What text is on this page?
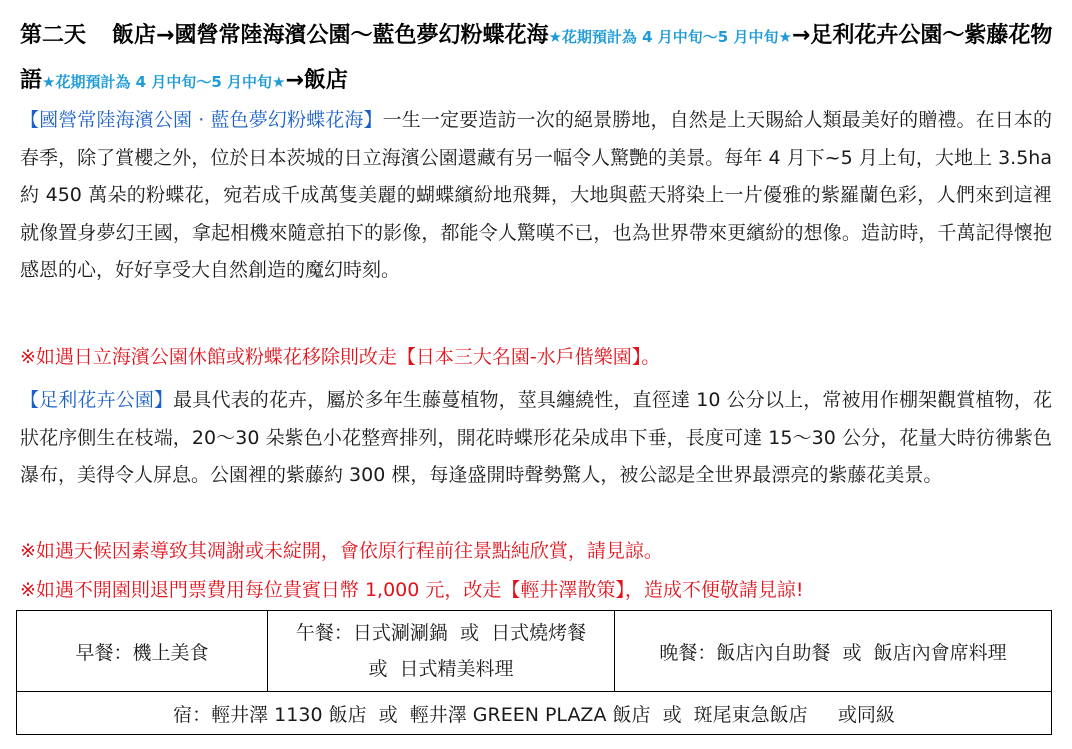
第二天 飯店→國營常陸海濱公園～藍色夢幻粉蝶花海★花期預計為 4 月中旬～5 月中旬★→足利花卉公園～紫藤花物語★花期預計為 4 月中旬～5 月中旬★→飯店
【國營常陸海濱公園 · 藍色夢幻粉蝶花海】一生一定要造訪一次的絕景勝地，自然是上天賜給人類最美好的贈禮。在日本的春季，除了賞櫻之外，位於日本茨城的日立海濱公園還藏有另一幅令人驚艷的美景。每年 4 月下~5 月上旬，大地上 3.5ha 約 450 萬朵的粉蝶花，宛若成千成萬隻美麗的蝴蝶繽紛地飛舞，大地與藍天將染上一片優雅的紫羅蘭色彩，人們來到這裡就像置身夢幻王國，拿起相機來隨意拍下的影像，都能令人驚嘆不已，也為世界帶來更繽紛的想像。造訪時，千萬記得懷抱感恩的心，好好享受大自然創造的魔幻時刻。
※如遇日立海濱公園休館或粉蝶花移除則改走【日本三大名園-水戶偕樂園】。
【足利花卉公園】最具代表的花卉，屬於多年生藤蔓植物，莖具纏繞性，直徑達 10 公分以上，常被用作棚架觀賞植物，花狀花序側生在枝端，20～30 朵紫色小花整齊排列，開花時蝶形花朵成串下垂，長度可達 15～30 公分，花量大時彷彿紫色瀑布，美得令人屏息。公園裡的紫藤約 300 棵，每逢盛開時聲勢驚人，被公認是全世界最漂亮的紫藤花美景。
※如遇天候因素導致其凋謝或未綻開，會依原行程前往景點純欣賞，請見諒。
※如遇不開園則退門票費用每位貴賓日幣 1,000 元，改走【輕井澤散策】，造成不便敬請見諒!
早餐：機上美食	
午餐：日式涮涮鍋  或  日式燒烤餐
或  日式精美料理
	晚餐：飯店內自助餐  或  飯店內會席料理
宿：輕井澤 1130 飯店  或  輕井澤 GREEN PLAZA 飯店  或  斑尾東急飯店     或同級
